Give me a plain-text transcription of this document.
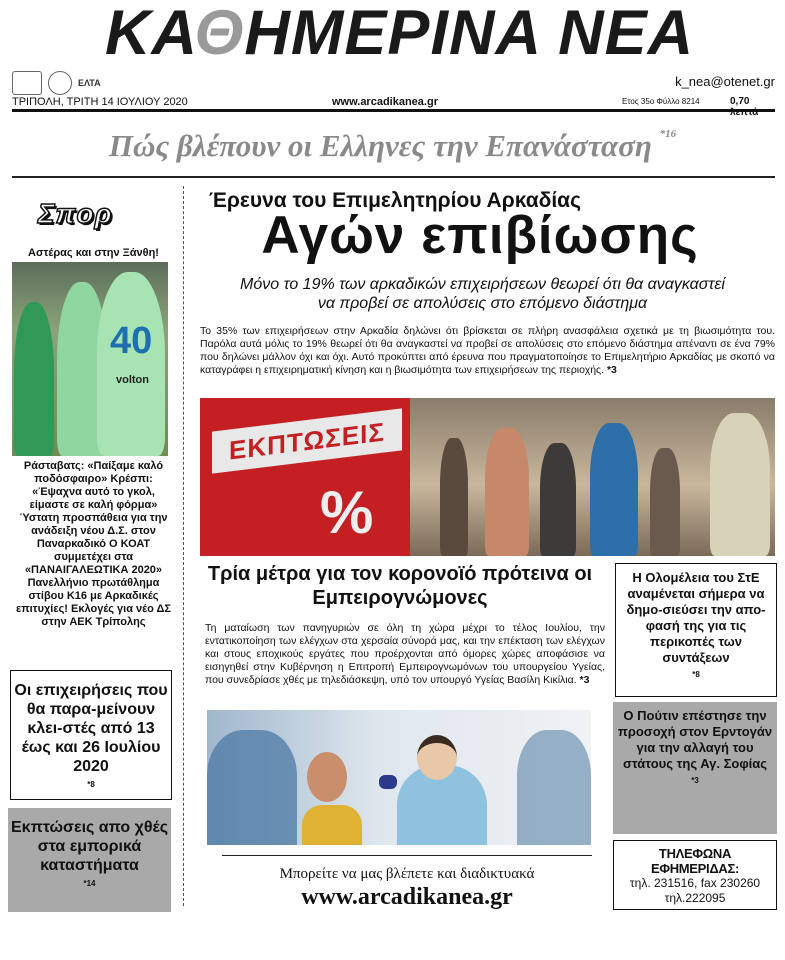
ΚΑΘΗΜΕΡΙΝΑ ΝΕΑ
ΕΛΤΑ	k_nea@otenet.gr
ΤΡΙΠΟΛΗ, ΤΡΙΤΗ 14 ΙΟΥΛΙΟΥ 2020	www.arcadikanea.gr	Ετος 35ο Φύλλο 8214	0,70 λεπτά
Πώς βλέπουν οι Ελληνες την Επανάσταση $^{*16}$
Σπορ
Αστέρας και στην Ξάνθη!
40
volton
Ράσταβατς: «Παίξαμε καλό ποδόσφαιρο» Κρέσπι: «Έψαχνα αυτό το γκολ, είμαστε σε καλή φόρμα» Ύστατη προσπάθεια για την ανάδειξη νέου Δ.Σ. στον Παναρκαδικό Ο ΚΟΑΤ συμμετέχει στα «ΠΑΝΑΙΓΑΛΕΩΤΙΚΑ 2020» Πανελλήνιο πρωτάθλημα στίβου Κ16 με Αρκαδικές επιτυχίες! Εκλογές για νέο ΔΣ στην ΑΕΚ Τρίπολης
Οι επιχειρήσεις που θα παρα-μείνουν κλει-στές από 13 έως και 26 Ιουλίου 2020
*8
Εκπτώσεις απο χθές στα εμπορικά καταστήματα
*14
Έρευνα του Επιμελητηρίου Αρκαδίας
Αγών επιβίωσης
Μόνο το 19% των αρκαδικών επιχειρήσεων θεωρεί ότι θα αναγκαστεί να προβεί σε απολύσεις στο επόμενο διάστημα
Το 35% των επιχειρήσεων στην Αρκαδία δηλώνει ότι βρίσκεται σε πλήρη ανασφάλεια σχετικά με τη βιωσιμότητα του. Παρόλα αυτά μόλις το 19% θεωρεί ότι θα αναγκαστεί να προβεί σε απολύσεις στο επόμενο διάστημα απέναντι σε ένα 79% που δηλώνει μάλλον όχι και όχι. Αυτό προκύπτει από έρευνα που πραγματοποίησε το Επιμελητήριο Αρκαδίας με σκοπό να καταγράφει η επιχειρηματική κίνηση και η βιωσιμότητα των επιχειρήσεων της περιοχής. *3
ΕΚΠΤΩΣΕΙΣ
%
Τρία μέτρα για τον κορονοϊό πρότεινα οι Εμπειρογνώμονες
Τη ματαίωση των πανηγυριών σε όλη τη χώρα μέχρι το τέλος Ιουλίου, την εντατικοποίηση των ελέγχων στα χερσαία σύνορά μας, και την επέκταση των ελέγχων και στους εποχικούς εργάτες που προέρχονται από όμορες χώρες αποφάσισε να εισηγηθεί στην Κυβέρνηση η Επιτροπή Εμπειρογνωμόνων του υπουργείου Υγείας, που συνεδρίασε χθές με τηλεδιάσκεψη, υπό τον υπουργό Υγείας Βασίλη Κικίλια. *3
Μπορείτε να μας βλέπετε και διαδικτυακά
www.arcadikanea.gr
Η Ολομέλεια του ΣτΕ αναμένεται σήμερα να δημο-σιεύσει την απο-φασή της για τις περικοπές των συντάξεων
*8
Ο Πούτιν επέστησε την προσοχή στον Ερντογάν για την αλλαγή του στάτους της Αγ. Σοφίας
*3
ΤΗΛΕΦΩΝΑ ΕΦΗΜΕΡΙΔΑΣ:
τηλ. 231516, fax 230260
τηλ.222095
